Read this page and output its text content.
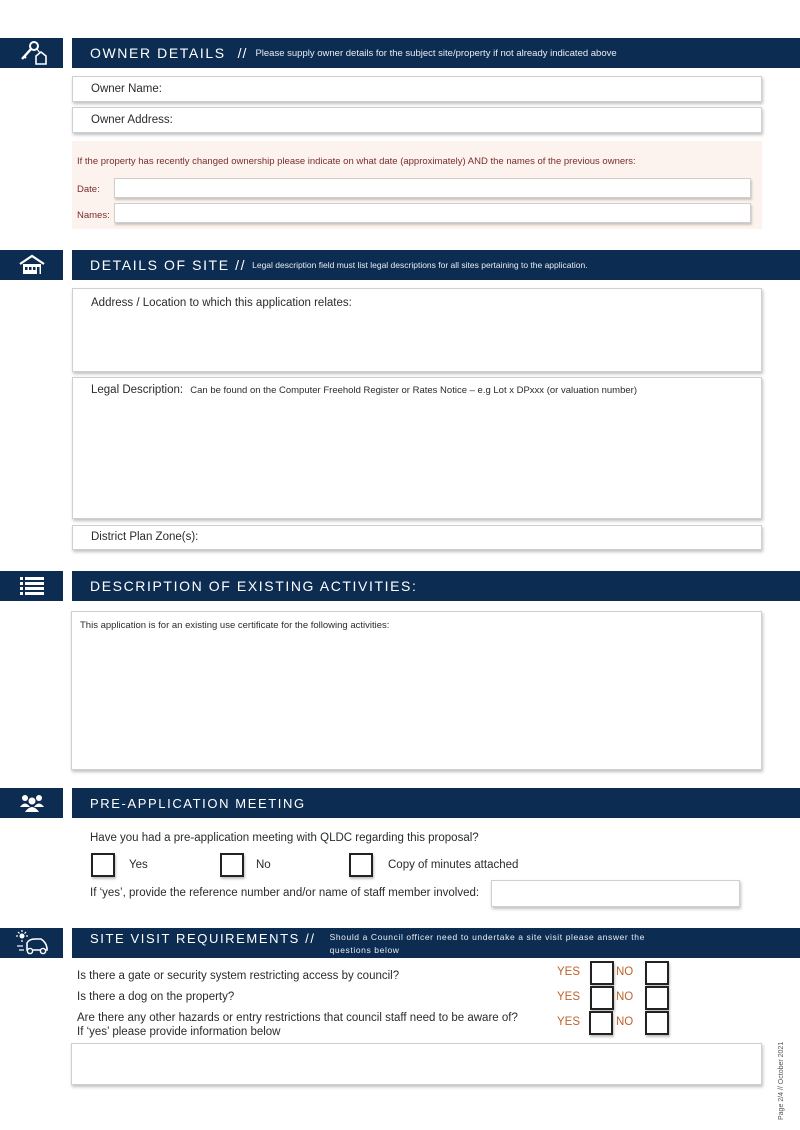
OWNER DETAILS // Please supply owner details for the subject site/property if not already indicated above
Owner Name:
Owner Address:
If the property has recently changed ownership please indicate on what date (approximately) AND the names of the previous owners:
Date:
Names:
DETAILS OF SITE // Legal description field must list legal descriptions for all sites pertaining to the application.
Address / Location to which this application relates:
Legal Description: Can be found on the Computer Freehold Register or Rates Notice – e.g Lot x DPxxx (or valuation number)
District Plan Zone(s):
DESCRIPTION OF EXISTING ACTIVITIES:
This application is for an existing use certificate for the following activities:
PRE-APPLICATION MEETING
Have you had a pre-application meeting with QLDC regarding this proposal?
Yes	No	Copy of minutes attached
If ‘yes’, provide the reference number and/or name of staff member involved:
SITE VISIT REQUIREMENTS // Should a Council officer need to undertake a site visit please answer the
questions below
Is there a gate or security system restricting access by council?	YES	NO
Is there a dog on the property?	YES	NO
Are there any other hazards or entry restrictions that council staff need to be aware of?	YES	NO
If ‘yes’ please provide information below
Page 2/4 // October 2021
